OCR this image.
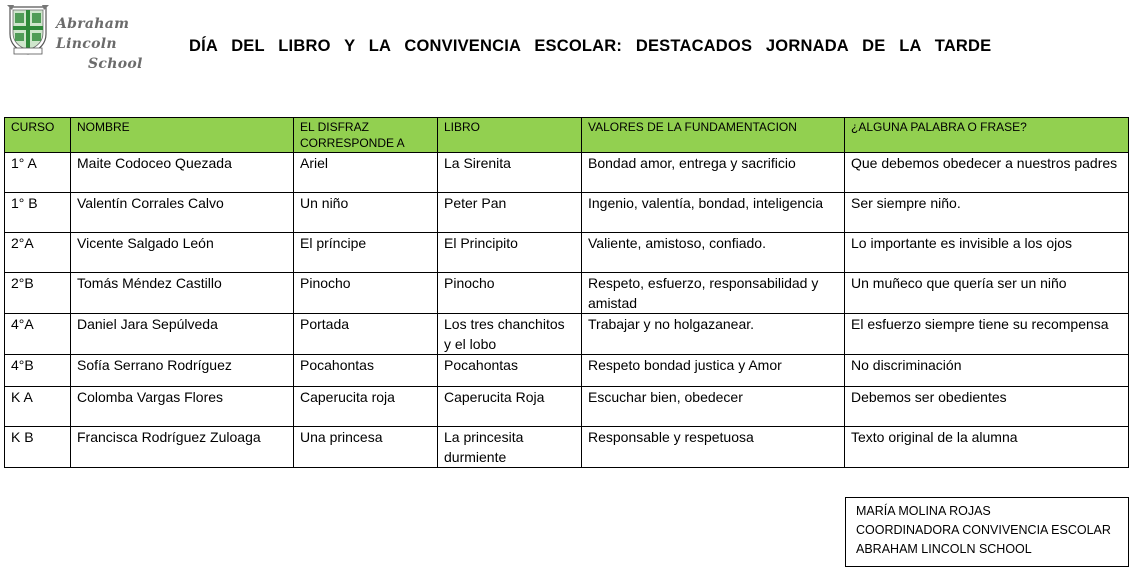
Abraham Lincoln
School
DÍA DEL LIBRO Y LA CONVIVENCIA ESCOLAR: DESTACADOS JORNADA DE LA TARDE
CURSO	NOMBRE	EL DISFRAZ CORRESPONDE A	LIBRO	VALORES DE LA FUNDAMENTACION	¿ALGUNA PALABRA O FRASE?
1° A	Maite Codoceo Quezada	Ariel	La Sirenita	Bondad amor, entrega y sacrificio	Que debemos obedecer a nuestros padres
1° B	Valentín Corrales Calvo	Un niño	Peter Pan	Ingenio, valentía, bondad, inteligencia	Ser siempre niño.
2°A	Vicente Salgado León	El príncipe	El Principito	Valiente, amistoso, confiado.	Lo importante es invisible a los ojos
2°B	Tomás Méndez Castillo	Pinocho	Pinocho	Respeto, esfuerzo, responsabilidad y amistad	Un muñeco que quería ser un niño
4°A	Daniel Jara Sepúlveda	Portada	Los tres chanchitos y el lobo	Trabajar y no holgazanear.	El esfuerzo siempre tiene su recompensa
4°B	Sofía Serrano Rodríguez	Pocahontas	Pocahontas	Respeto bondad justica y Amor	No discriminación
K A	Colomba Vargas Flores	Caperucita roja	Caperucita Roja	Escuchar bien, obedecer	Debemos ser obedientes
K B	Francisca Rodríguez Zuloaga	Una princesa	La princesita durmiente	Responsable y respetuosa	Texto original de la alumna
MARÍA MOLINA ROJAS
COORDINADORA CONVIVENCIA ESCOLAR
ABRAHAM LINCOLN SCHOOL
